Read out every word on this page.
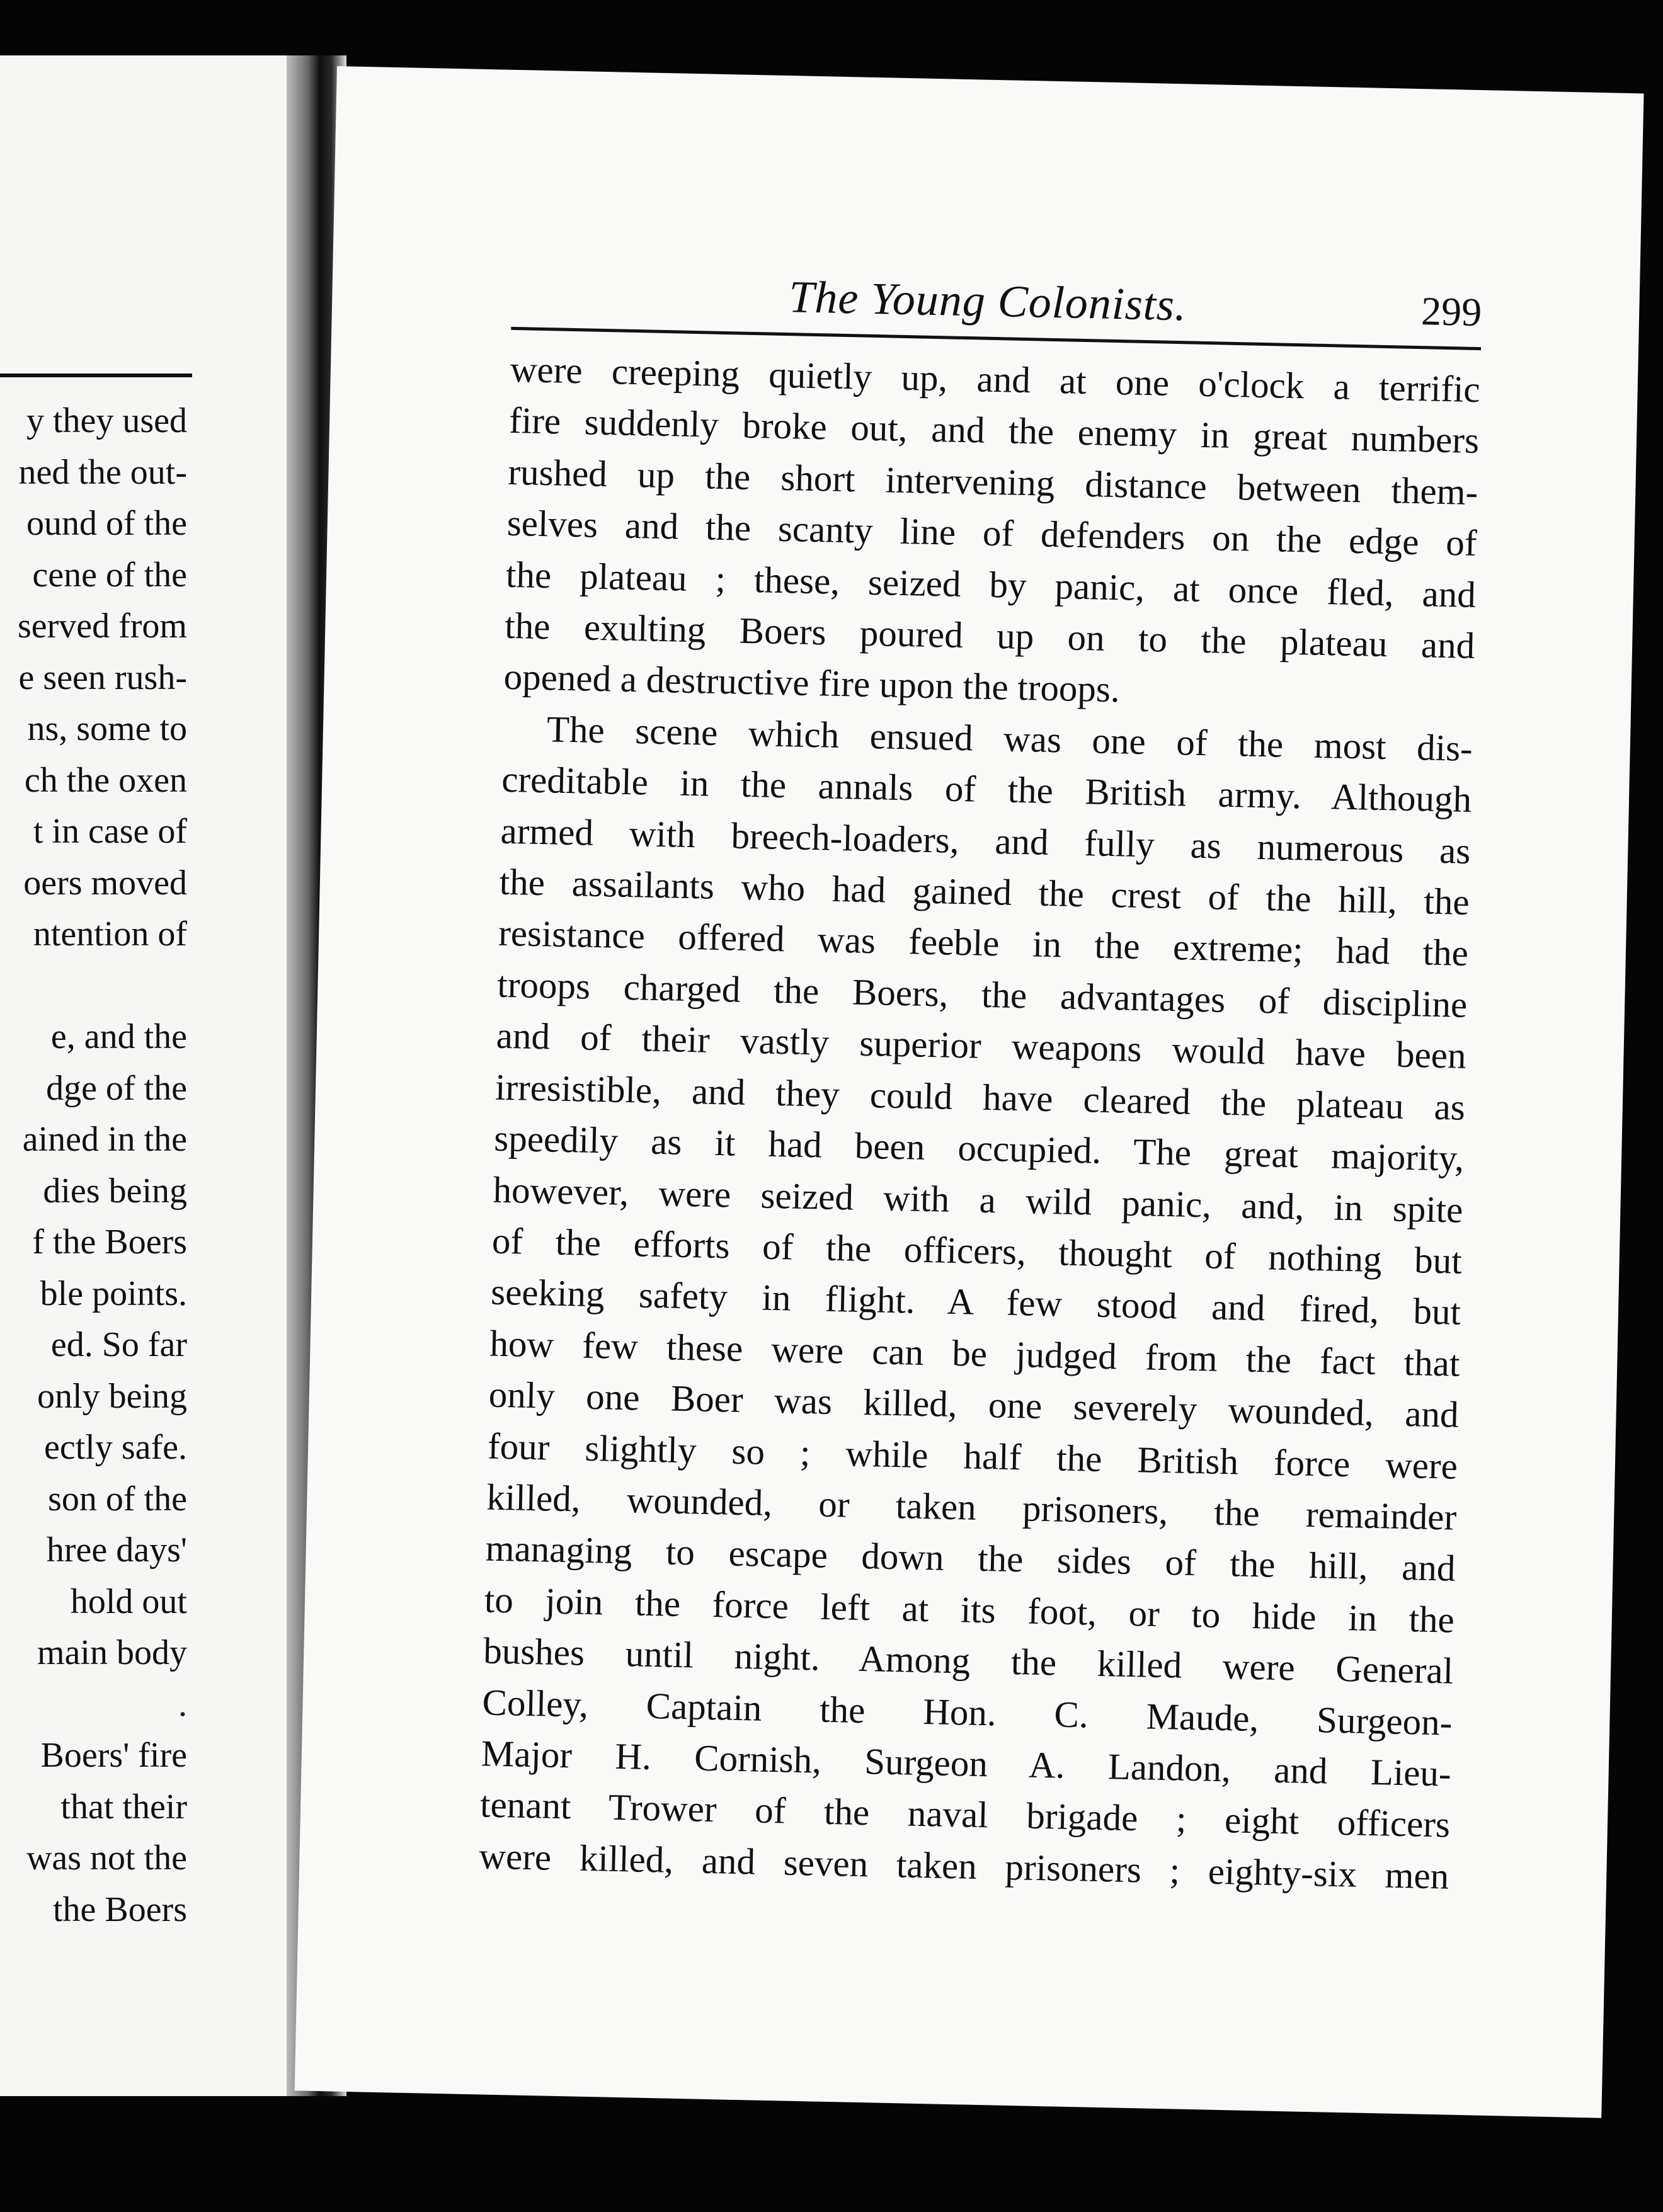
y they used
ned the out-
ound of the
cene of the
served from
e seen rush-
ns, some to
ch the oxen
t in case of
oers moved
ntention of

e, and the
dge of the
ained in the
dies being
f the Boers
ble points.
ed. So far
only being
ectly safe.
son of the
hree days'
hold out
main body
.
Boers' fire
that their
was not the
the Boers
The Young Colonists.	299
were creeping quietly up, and at one o'clock a terrific
fire suddenly broke out, and the enemy in great numbers
rushed up the short intervening distance between them-
selves and the scanty line of defenders on the edge of
the plateau ; these, seized by panic, at once fled, and
the exulting Boers poured up on to the plateau and
opened a destructive fire upon the troops.
The scene which ensued was one of the most dis-
creditable in the annals of the British army. Although
armed with breech-loaders, and fully as numerous as
the assailants who had gained the crest of the hill, the
resistance offered was feeble in the extreme; had the
troops charged the Boers, the advantages of discipline
and of their vastly superior weapons would have been
irresistible, and they could have cleared the plateau as
speedily as it had been occupied. The great majority,
however, were seized with a wild panic, and, in spite
of the efforts of the officers, thought of nothing but
seeking safety in flight. A few stood and fired, but
how few these were can be judged from the fact that
only one Boer was killed, one severely wounded, and
four slightly so ; while half the British force were
killed, wounded, or taken prisoners, the remainder
managing to escape down the sides of the hill, and
to join the force left at its foot, or to hide in the
bushes until night. Among the killed were General
Colley, Captain the Hon. C. Maude, Surgeon-
Major H. Cornish, Surgeon A. Landon, and Lieu-
tenant Trower of the naval brigade ; eight officers
were killed, and seven taken prisoners ; eighty-six men
